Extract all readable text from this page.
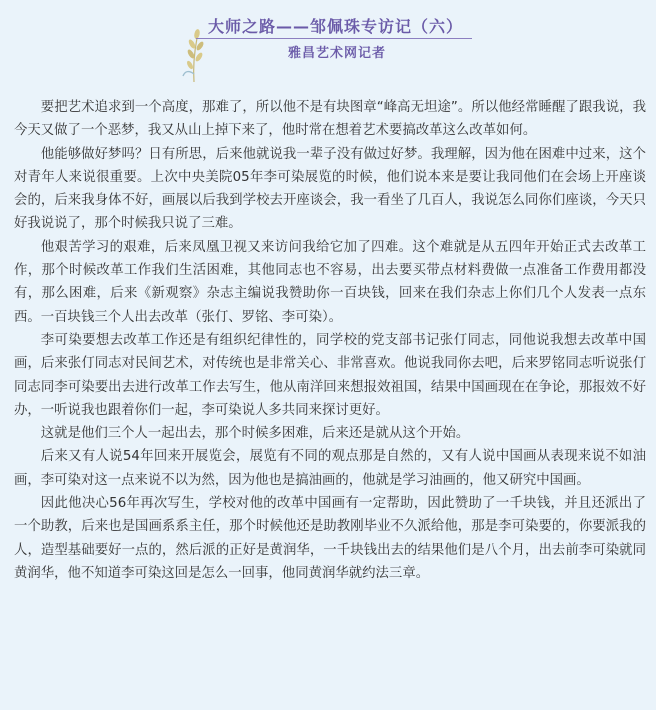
大师之路——邹佩珠专访记（六）
雅昌艺术网记者

要把艺术追求到一个高度，那难了，所以他不是有块图章“峰高无坦途”。所以他经常睡醒了跟我说，我今天又做了一个恶梦，我又从山上掉下来了，他时常在想着艺术要搞改革这么改革如何。

他能够做好梦吗？日有所思，后来他就说我一辈子没有做过好梦。我理解，因为他在困难中过来，这个对青年人来说很重要。上次中央美院05年李可染展览的时候，他们说本来是要让我同他们在会场上开座谈会的，后来我身体不好，画展以后我到学校去开座谈会，我一看坐了几百人，我说怎么同你们座谈，今天只好我说说了，那个时候我只说了三难。

他艰苦学习的艰难，后来凤凰卫视又来访问我给它加了四难。这个难就是从五四年开始正式去改革工作，那个时候改革工作我们生活困难，其他同志也不容易，出去要买带点材料费做一点准备工作费用都没有，那么困难，后来《新观察》杂志主编说我赞助你一百块钱，回来在我们杂志上你们几个人发表一点东西。一百块钱三个人出去改革（张仃、罗铭、李可染）。

李可染要想去改革工作还是有组织纪律性的，同学校的党支部书记张仃同志，同他说我想去改革中国画，后来张仃同志对民间艺术，对传统也是非常关心、非常喜欢。他说我同你去吧，后来罗铭同志听说张仃同志同李可染要出去进行改革工作去写生，他从南洋回来想报效祖国，结果中国画现在在争论，那报效不好办，一听说我也跟着你们一起，李可染说人多共同来探讨更好。

这就是他们三个人一起出去，那个时候多困难，后来还是就从这个开始。

后来又有人说54年回来开展览会，展览有不同的观点那是自然的，又有人说中国画从表现来说不如油画，李可染对这一点来说不以为然，因为他也是搞油画的，他就是学习油画的，他又研究中国画。

因此他决心56年再次写生，学校对他的改革中国画有一定帮助，因此赞助了一千块钱，并且还派出了一个助教，后来也是国画系系主任，那个时候他还是助教刚毕业不久派给他，那是李可染要的，你要派我的人，造型基础要好一点的，然后派的正好是黄润华，一千块钱出去的结果他们是八个月，出去前李可染就同黄润华，他不知道李可染这回是怎么一回事，他同黄润华就约法三章。
